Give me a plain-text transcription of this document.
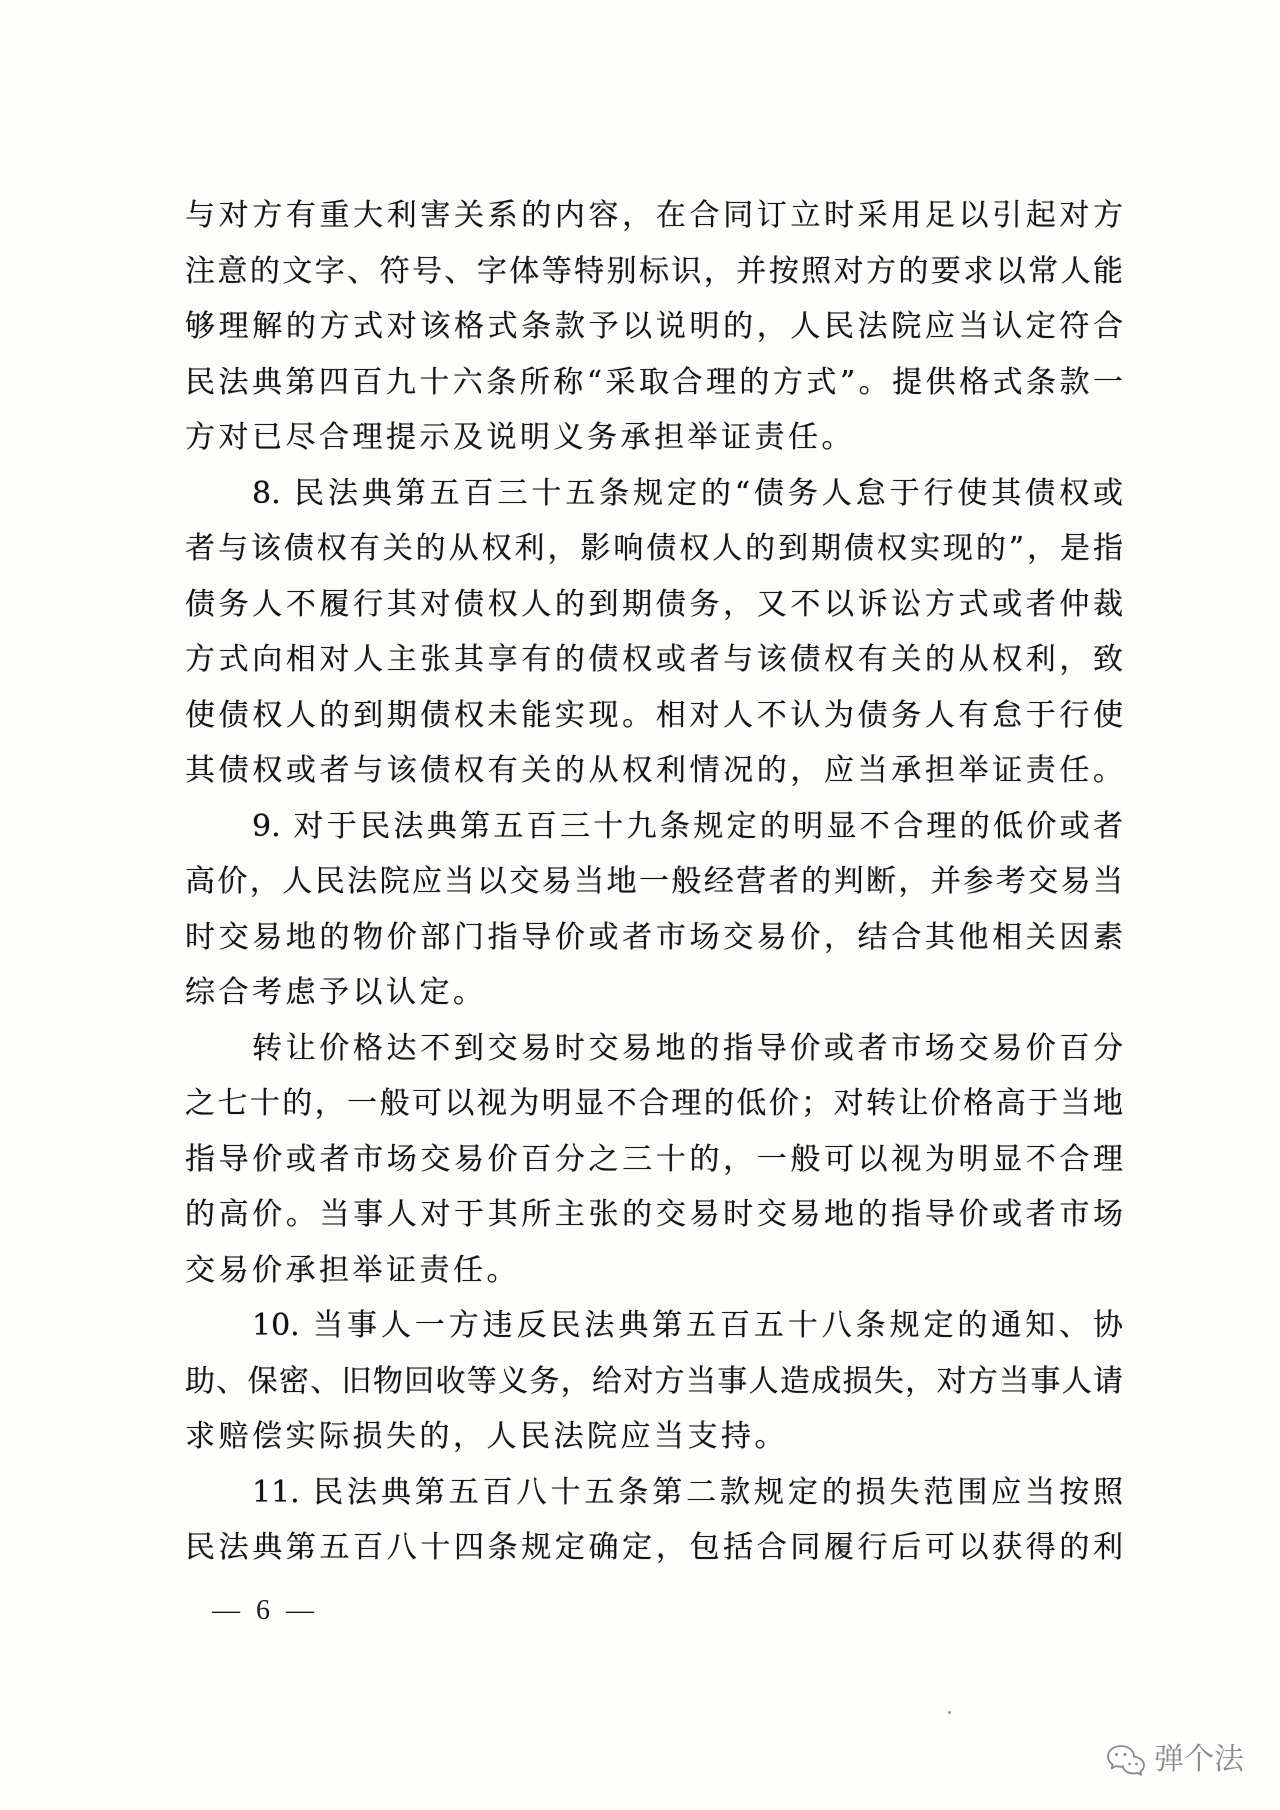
与对方有重大利害关系的内容，在合同订立时采用足以引起对方
注意的文字、符号、字体等特别标识，并按照对方的要求以常人能
够理解的方式对该格式条款予以说明的，人民法院应当认定符合
民法典第四百九十六条所称“采取合理的方式”。提供格式条款一
方对已尽合理提示及说明义务承担举证责任。
8. 民法典第五百三十五条规定的“债务人怠于行使其债权或
者与该债权有关的从权利，影响债权人的到期债权实现的”，是指
债务人不履行其对债权人的到期债务，又不以诉讼方式或者仲裁
方式向相对人主张其享有的债权或者与该债权有关的从权利，致
使债权人的到期债权未能实现。相对人不认为债务人有怠于行使
其债权或者与该债权有关的从权利情况的，应当承担举证责任。
9. 对于民法典第五百三十九条规定的明显不合理的低价或者
高价，人民法院应当以交易当地一般经营者的判断，并参考交易当
时交易地的物价部门指导价或者市场交易价，结合其他相关因素
综合考虑予以认定。
转让价格达不到交易时交易地的指导价或者市场交易价百分
之七十的，一般可以视为明显不合理的低价；对转让价格高于当地
指导价或者市场交易价百分之三十的，一般可以视为明显不合理
的高价。当事人对于其所主张的交易时交易地的指导价或者市场
交易价承担举证责任。
10. 当事人一方违反民法典第五百五十八条规定的通知、协
助、保密、旧物回收等义务，给对方当事人造成损失，对方当事人请
求赔偿实际损失的，人民法院应当支持。
11. 民法典第五百八十五条第二款规定的损失范围应当按照
民法典第五百八十四条规定确定，包括合同履行后可以获得的利
— 6 —
弹个法
